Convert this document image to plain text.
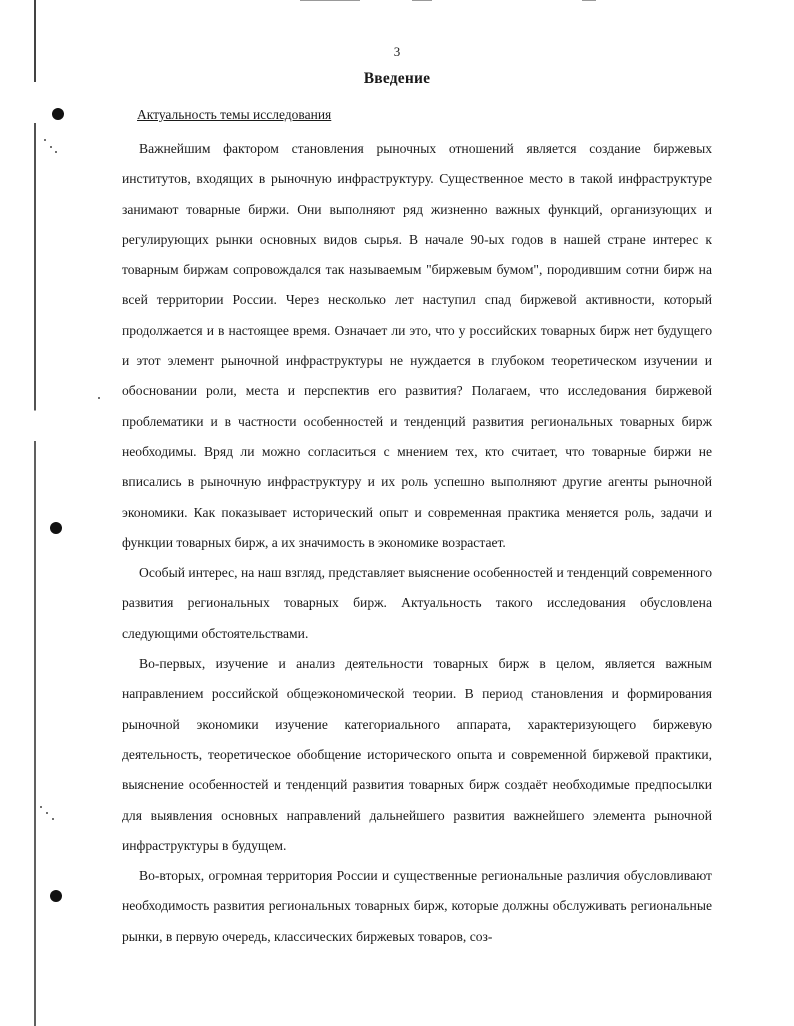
3
Введение
Актуальность темы исследования

Важнейшим фактором становления рыночных отношений является создание биржевых институтов, входящих в рыночную инфраструктуру. Существенное место в такой инфраструктуре занимают товарные биржи. Они выполняют ряд жизненно важных функций, организующих и регулирующих рынки основных видов сырья. В начале 90-ых годов в нашей стране интерес к товарным биржам сопровождался так называемым "биржевым бумом", породившим сотни бирж на всей территории России. Через несколько лет наступил спад биржевой активности, который продолжается и в настоящее время. Означает ли это, что у российских товарных бирж нет будущего и этот элемент рыночной инфраструктуры не нуждается в глубоком теоретическом изучении и обосновании роли, места и перспектив его развития? Полагаем, что исследования биржевой проблематики и в частности особенностей и тенденций развития региональных товарных бирж необходимы. Вряд ли можно согласиться с мнением тех, кто считает, что товарные биржи не вписались в рыночную инфраструктуру и их роль успешно выполняют другие агенты рыночной экономики. Как показывает исторический опыт и современная практика меняется роль, задачи и функции товарных бирж, а их значимость в экономике возрастает.

Особый интерес, на наш взгляд, представляет выяснение особенностей и тенденций современного развития региональных товарных бирж. Актуальность такого исследования обусловлена следующими обстоятельствами.

Во-первых, изучение и анализ деятельности товарных бирж в целом, является важным направлением российской общеэкономической теории. В период становления и формирования рыночной экономики изучение категориального аппарата, характеризующего биржевую деятельность, теоретическое обобщение исторического опыта и современной биржевой практики, выяснение особенностей и тенденций развития товарных бирж создаёт необходимые предпосылки для выявления основных направлений дальнейшего развития важнейшего элемента рыночной инфраструктуры в будущем.

Во-вторых, огромная территория России и существенные региональные различия обусловливают необходимость развития региональных товарных бирж, которые должны обслуживать региональные рынки, в первую очередь, классических биржевых товаров, соз-
